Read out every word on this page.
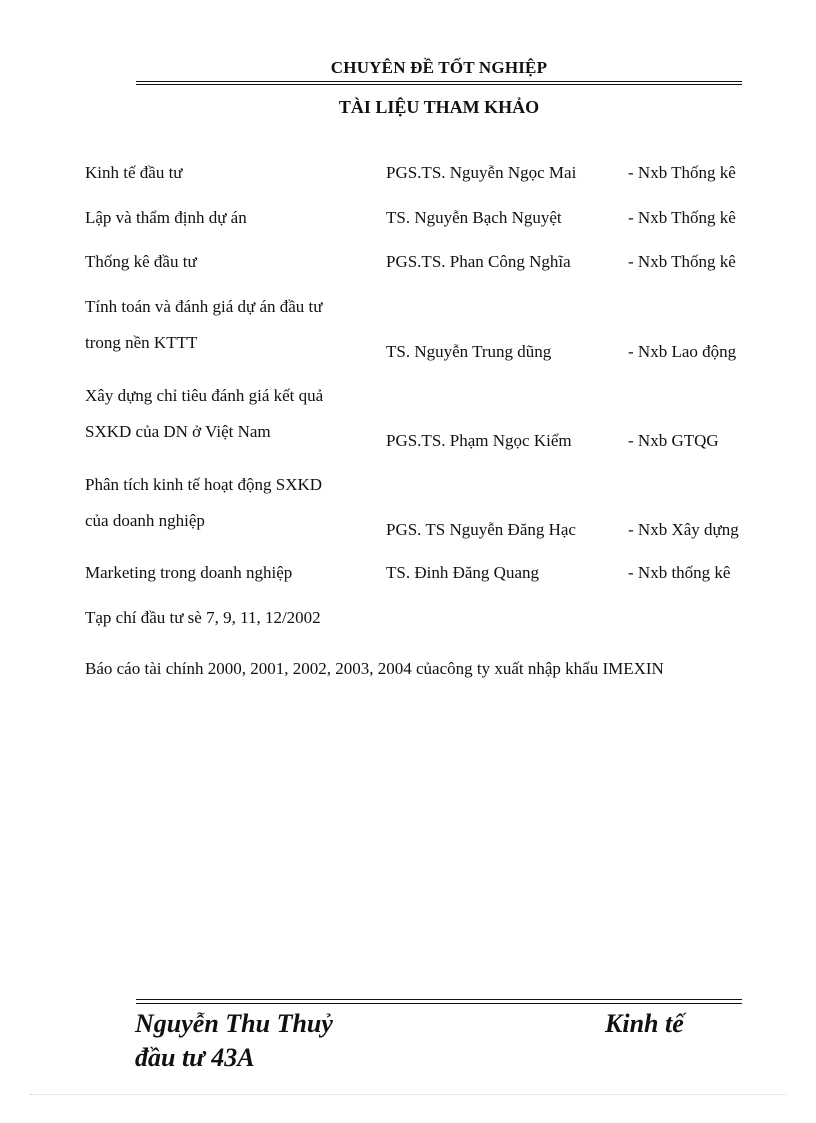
CHUYÊN ĐỀ TỐT NGHIỆP
TÀI LIỆU THAM KHẢO
Kinh tế đầu tư	PGS.TS. Nguyễn Ngọc Mai	- Nxb Thống kê
Lập và thẩm định dự án	TS. Nguyễn Bạch Nguyệt	- Nxb Thống kê
Thống kê đầu tư	PGS.TS. Phan Công Nghĩa	- Nxb Thống kê
Tính toán và đánh giá dự án đầu tư
trong nền KTTT	TS. Nguyễn Trung dũng	- Nxb Lao động
Xây dựng chỉ tiêu đánh giá kết quả
SXKD của DN ở Việt Nam	PGS.TS. Phạm Ngọc Kiểm	- Nxb GTQG
Phân tích kinh tế hoạt động SXKD
của doanh nghiệp	PGS. TS Nguyễn Đăng Hạc	- Nxb Xây dựng
Marketing trong doanh nghiệp	TS. Đinh Đăng Quang	- Nxb thống kê
Tạp chí đầu tư sè 7, 9, 11, 12/2002
Báo cáo tài chính 2000, 2001, 2002, 2003, 2004 củacông ty xuất nhập khẩu IMEXIN
Nguyễn Thu Thuỷ	Kinh tế
đầu tư 43A
